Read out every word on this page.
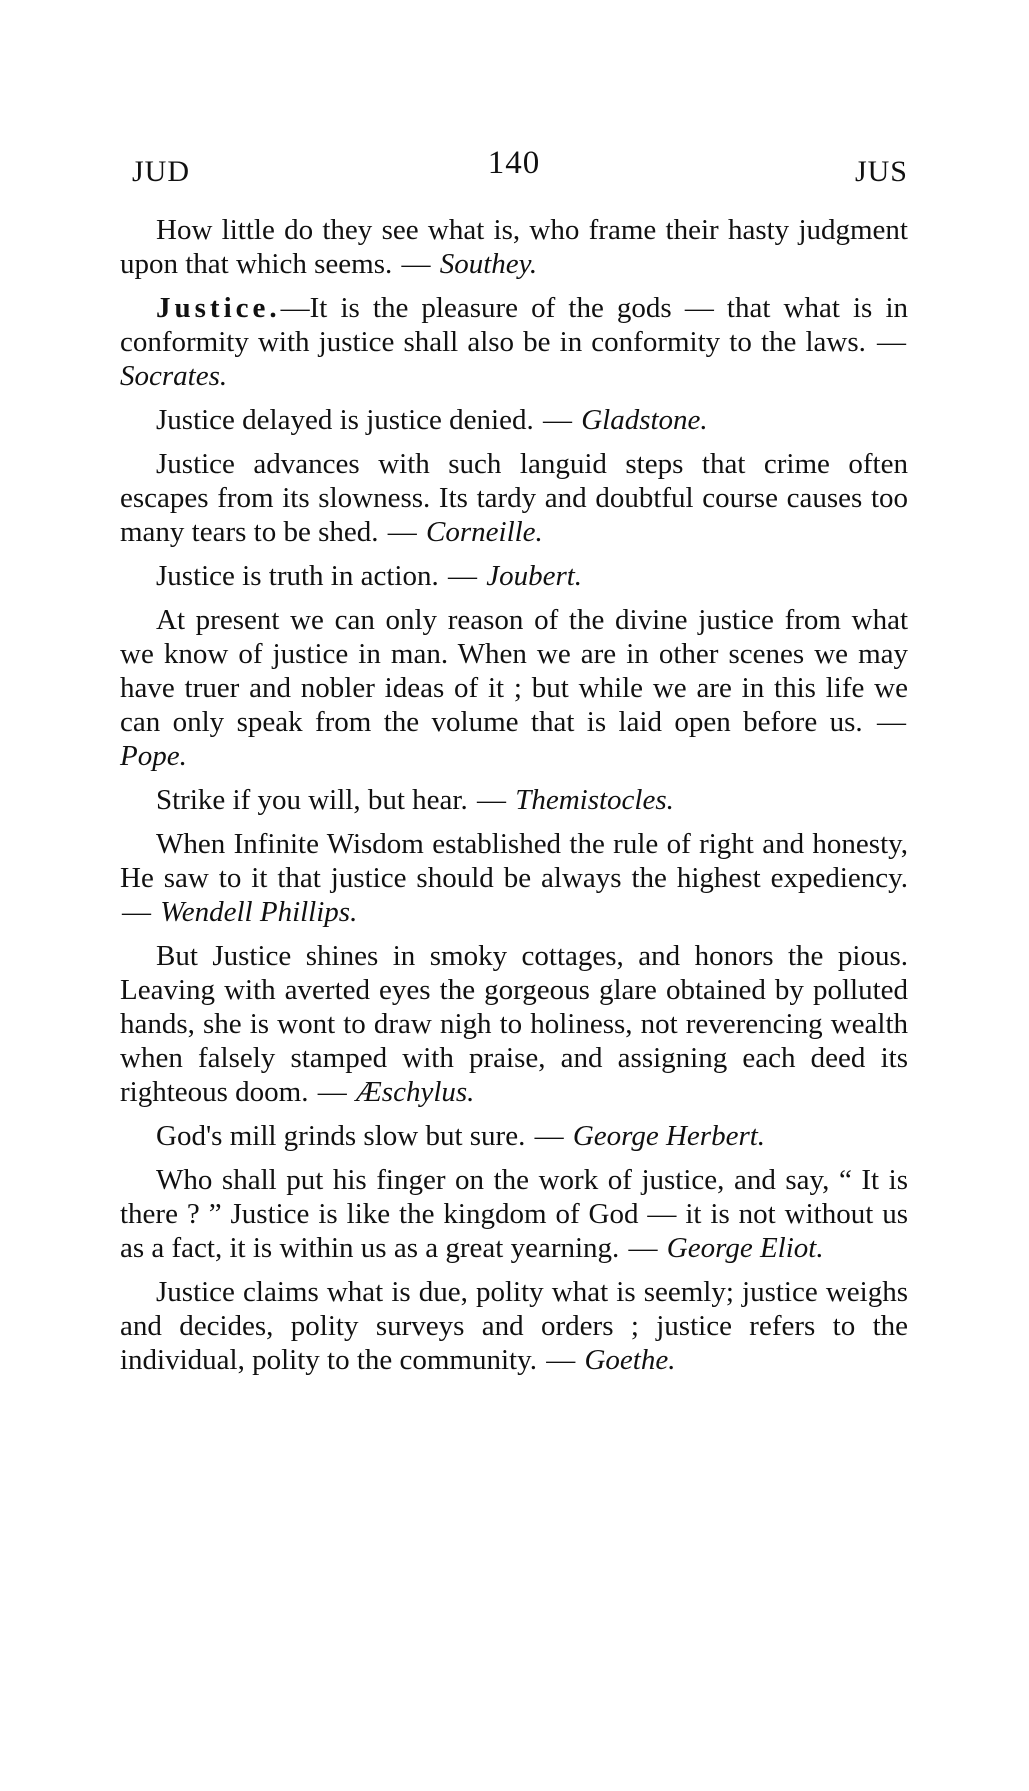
JUD	140	JUS

How little do they see what is, who frame their hasty judgment upon that which seems. — Southey.

Justice.—It is the pleasure of the gods — that what is in conformity with justice shall also be in conformity to the laws. — Socrates.

Justice delayed is justice denied. — Gladstone.

Justice advances with such languid steps that crime often escapes from its slowness. Its tardy and doubtful course causes too many tears to be shed. — Corneille.

Justice is truth in action. — Joubert.

At present we can only reason of the divine justice from what we know of justice in man. When we are in other scenes we may have truer and nobler ideas of it ; but while we are in this life we can only speak from the volume that is laid open before us. — Pope.

Strike if you will, but hear. — Themistocles.

When Infinite Wisdom established the rule of right and honesty, He saw to it that justice should be always the highest expediency. — Wendell Phillips.

But Justice shines in smoky cottages, and honors the pious. Leaving with averted eyes the gorgeous glare obtained by polluted hands, she is wont to draw nigh to holiness, not reverencing wealth when falsely stamped with praise, and assigning each deed its righteous doom. — Æschylus.

God's mill grinds slow but sure. — George Herbert.

Who shall put his finger on the work of justice, and say, “ It is there ? ” Justice is like the kingdom of God — it is not without us as a fact, it is within us as a great yearning. — George Eliot.

Justice claims what is due, polity what is seemly; justice weighs and decides, polity surveys and orders ; justice refers to the individual, polity to the community. — Goethe.
